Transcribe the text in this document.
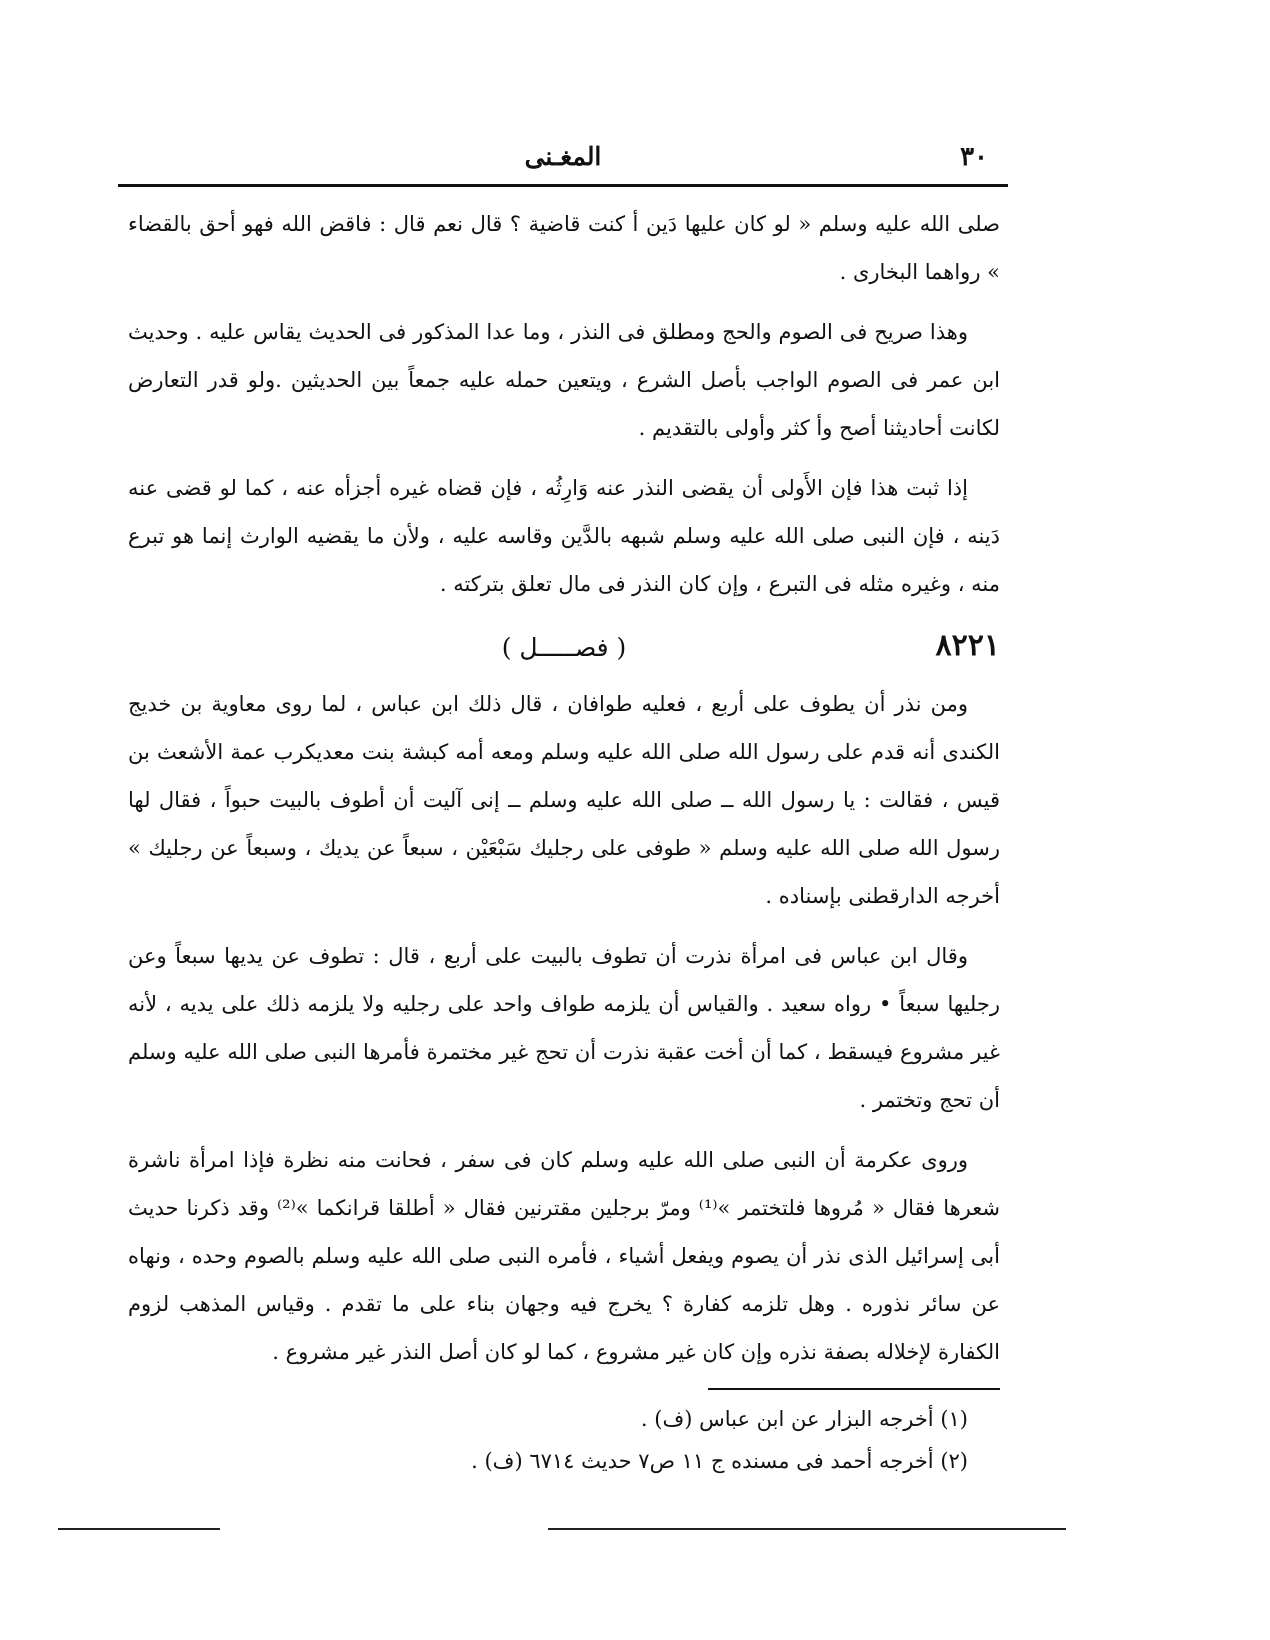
٣٠
المغـنى

صلى الله عليه وسلم « لو كان عليها دَين أ كنت قاضية ؟ قال نعم قال : فاقض الله فهو أحق بالقضاء » رواهما البخارى .

وهذا صريح فى الصوم والحج ومطلق فى النذر ، وما عدا المذكور فى الحديث يقاس عليه . وحديث ابن عمر فى الصوم الواجب بأصل الشرع ، ويتعين حمله عليه جمعاً بين الحديثين .ولو قدر التعارض لكانت أحاديثنا أصح وأ كثر وأولى بالتقديم .

إذا ثبت هذا فإن الأَولى أن يقضى النذر عنه وَارِثُه ، فإن قضاه غيره أجزأه عنه ، كما لو قضى عنه دَينه ، فإن النبى صلى الله عليه وسلم شبهه بالدَّين وقاسه عليه ، ولأن ما يقضيه الوارث إنما هو تبرع منه ، وغيره مثله فى التبرع ، وإن كان النذر فى مال تعلق بتركته .

٨٢٢١
( فصـــــل )

ومن نذر أن يطوف على أربع ، فعليه طوافان ، قال ذلك ابن عباس ، لما روى معاوية بن خديج الكندى أنه قدم على رسول الله صلى الله عليه وسلم ومعه أمه كبشة بنت معديكرب عمة الأشعث بن قيس ، فقالت : يا رسول الله ــ صلى الله عليه وسلم ــ إنى آليت أن أطوف بالبيت حبواً ، فقال لها رسول الله صلى الله عليه وسلم « طوفى على رجليك سَبْعَيْن ، سبعاً عن يديك ، وسبعاً عن رجليك » أخرجه الدارقطنى بإسناده .

وقال ابن عباس فى امرأة نذرت أن تطوف بالبيت على أربع ، قال : تطوف عن يديها سبعاً وعن رجليها سبعاً • رواه سعيد . والقياس أن يلزمه طواف واحد على رجليه ولا يلزمه ذلك على يديه ، لأنه غير مشروع فيسقط ، كما أن أخت عقبة نذرت أن تحج غير مختمرة فأمرها النبى صلى الله عليه وسلم أن تحج وتختمر .

وروى عكرمة أن النبى صلى الله عليه وسلم كان فى سفر ، فحانت منه نظرة فإذا امرأة ناشرة شعرها فقال « مُروها فلتختمر »⁽¹⁾ ومرّ برجلين مقترنين فقال « أطلقا قرانكما »⁽²⁾ وقد ذكرنا حديث أبى إسرائيل الذى نذر أن يصوم ويفعل أشياء ، فأمره النبى صلى الله عليه وسلم بالصوم وحده ، ونهاه عن سائر نذوره . وهل تلزمه كفارة ؟ يخرج فيه وجهان بناء على ما تقدم . وقياس المذهب لزوم الكفارة لإخلاله بصفة نذره وإن كان غير مشروع ، كما لو كان أصل النذر غير مشروع .

(١) أخرجه البزار عن ابن عباس (ف) .

(٢) أخرجه أحمد فى مسنده ج ١١ ص٧ حديث ٦٧١٤ (ف) .
